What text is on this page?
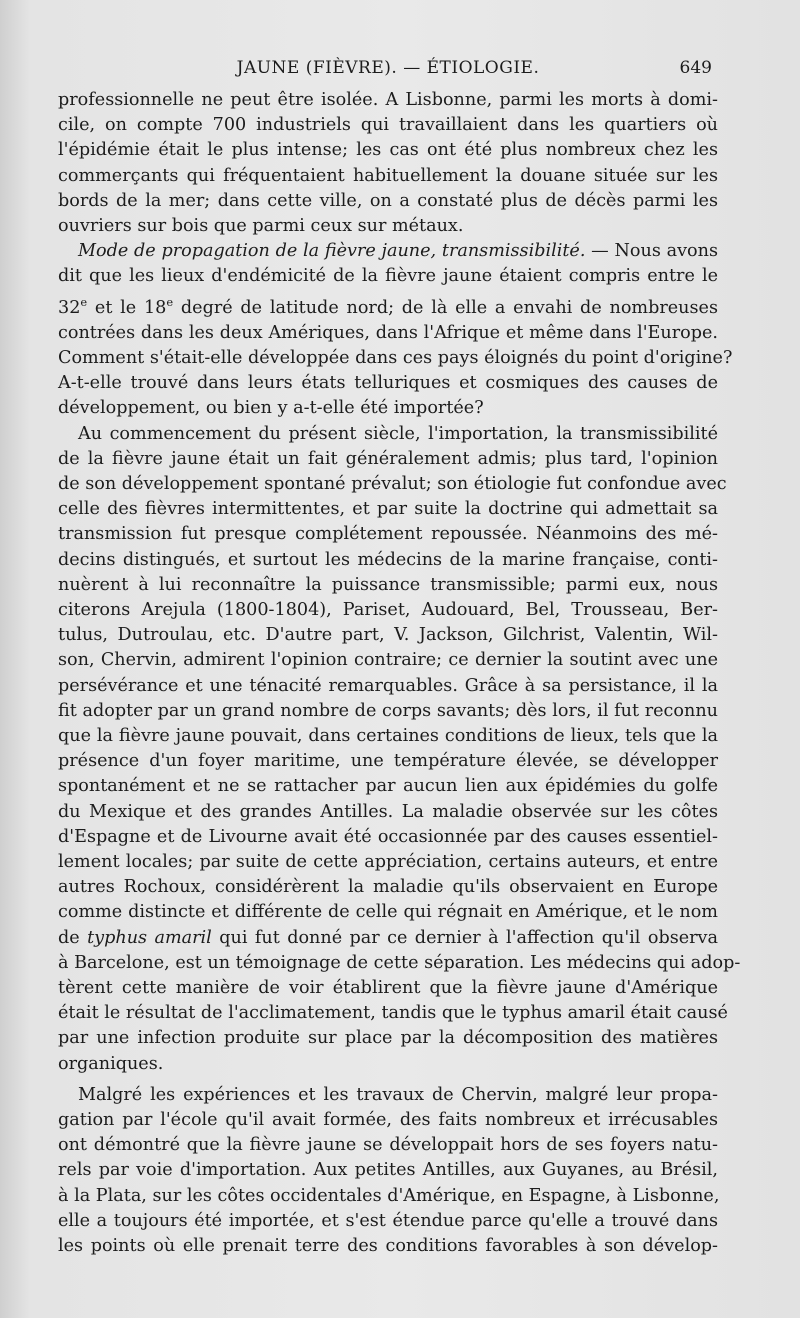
JAUNE (FIÈVRE). — ÉTIOLOGIE.	649
professionnelle ne peut être isolée. A Lisbonne, parmi les morts à domi-
cile, on compte 700 industriels qui travaillaient dans les quartiers où
l'épidémie était le plus intense; les cas ont été plus nombreux chez les
commerçants qui fréquentaient habituellement la douane située sur les
bords de la mer; dans cette ville, on a constaté plus de décès parmi les
ouvriers sur bois que parmi ceux sur métaux.
Mode de propagation de la fièvre jaune, transmissibilité. — Nous avons
dit que les lieux d'endémicité de la fièvre jaune étaient compris entre le
32e et le 18e degré de latitude nord; de là elle a envahi de nombreuses
contrées dans les deux Amériques, dans l'Afrique et même dans l'Europe.
Comment s'était-elle développée dans ces pays éloignés du point d'origine?
A-t-elle trouvé dans leurs états telluriques et cosmiques des causes de
développement, ou bien y a-t-elle été importée?
Au commencement du présent siècle, l'importation, la transmissibilité
de la fièvre jaune était un fait généralement admis; plus tard, l'opinion
de son développement spontané prévalut; son étiologie fut confondue avec
celle des fièvres intermittentes, et par suite la doctrine qui admettait sa
transmission fut presque complétement repoussée. Néanmoins des mé-
decins distingués, et surtout les médecins de la marine française, conti-
nuèrent à lui reconnaître la puissance transmissible; parmi eux, nous
citerons Arejula (1800-1804), Pariset, Audouard, Bel, Trousseau, Ber-
tulus, Dutroulau, etc. D'autre part, V. Jackson, Gilchrist, Valentin, Wil-
son, Chervin, admirent l'opinion contraire; ce dernier la soutint avec une
persévérance et une ténacité remarquables. Grâce à sa persistance, il la
fit adopter par un grand nombre de corps savants; dès lors, il fut reconnu
que la fièvre jaune pouvait, dans certaines conditions de lieux, tels que la
présence d'un foyer maritime, une température élevée, se développer
spontanément et ne se rattacher par aucun lien aux épidémies du golfe
du Mexique et des grandes Antilles. La maladie observée sur les côtes
d'Espagne et de Livourne avait été occasionnée par des causes essentiel-
lement locales; par suite de cette appréciation, certains auteurs, et entre
autres Rochoux, considérèrent la maladie qu'ils observaient en Europe
comme distincte et différente de celle qui régnait en Amérique, et le nom
de typhus amaril qui fut donné par ce dernier à l'affection qu'il observa
à Barcelone, est un témoignage de cette séparation. Les médecins qui adop-
tèrent cette manière de voir établirent que la fièvre jaune d'Amérique
était le résultat de l'acclimatement, tandis que le typhus amaril était causé
par une infection produite sur place par la décomposition des matières
organiques.
Malgré les expériences et les travaux de Chervin, malgré leur propa-
gation par l'école qu'il avait formée, des faits nombreux et irrécusables
ont démontré que la fièvre jaune se développait hors de ses foyers natu-
rels par voie d'importation. Aux petites Antilles, aux Guyanes, au Brésil,
à la Plata, sur les côtes occidentales d'Amérique, en Espagne, à Lisbonne,
elle a toujours été importée, et s'est étendue parce qu'elle a trouvé dans
les points où elle prenait terre des conditions favorables à son dévelop-
